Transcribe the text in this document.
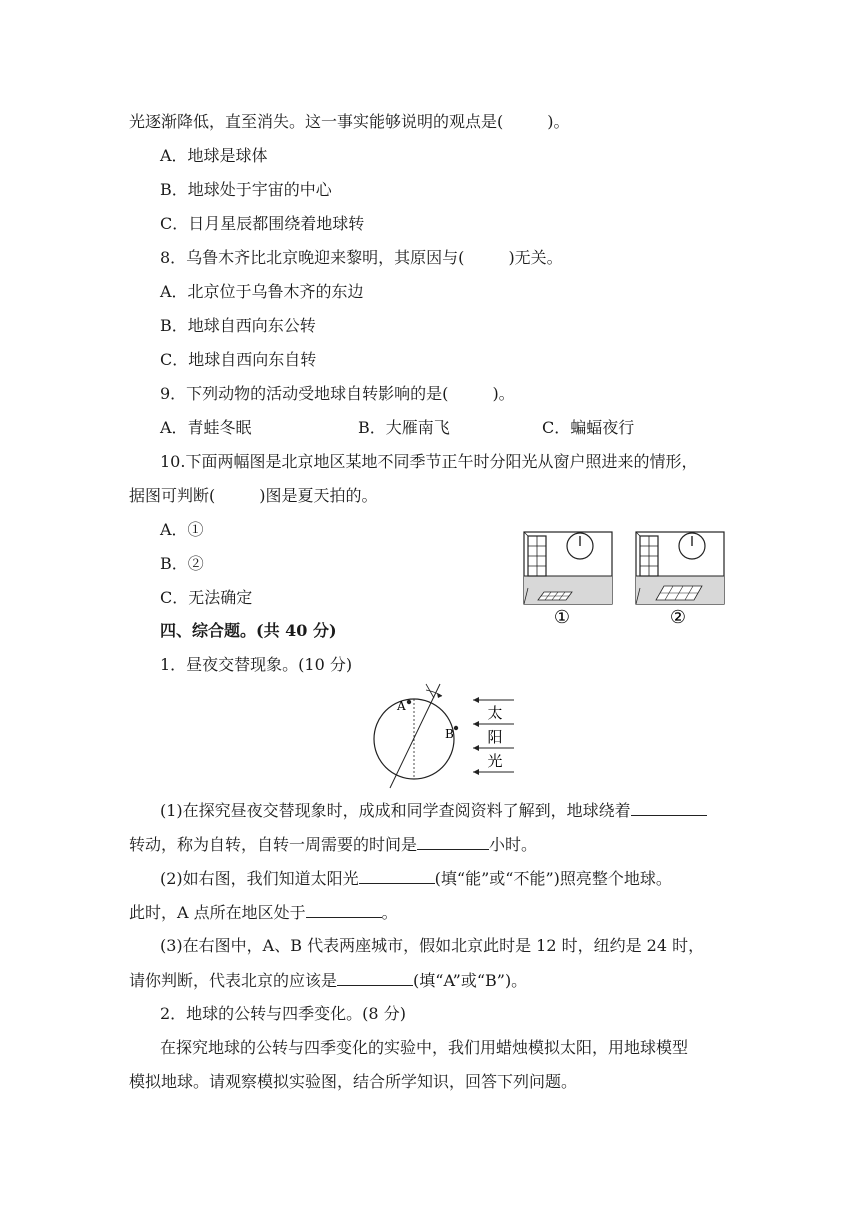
光逐渐降低，直至消失。这一事实能够说明的观点是(	)。
A．地球是球体
B．地球处于宇宙的中心
C．日月星辰都围绕着地球转
8．乌鲁木齐比北京晚迎来黎明，其原因与(	)无关。
A．北京位于乌鲁木齐的东边
B．地球自西向东公转
C．地球自西向东自转
9．下列动物的活动受地球自转影响的是(	)。
A．青蛙冬眠	B．大雁南飞	C．蝙蝠夜行
10.下面两幅图是北京地区某地不同季节正午时分阳光从窗户照进来的情形，
据图可判断(	)图是夏天拍的。
A．①
B．②
C．无法确定
①	②
四、综合题。(共 40 分)
1．昼夜交替现象。(10 分)
A
B
太
阳
光
(1)在探究昼夜交替现象时，成成和同学查阅资料了解到，地球绕着
转动，称为自转，自转一周需要的时间是	小时。
(2)如右图，我们知道太阳光	(填“能”或“不能”)照亮整个地球。
此时，A 点所在地区处于	。
(3)在右图中，A、B 代表两座城市，假如北京此时是 12 时，纽约是 24 时，
请你判断，代表北京的应该是	(填“A”或“B”)。
2．地球的公转与四季变化。(8 分)
在探究地球的公转与四季变化的实验中，我们用蜡烛模拟太阳，用地球模型
模拟地球。请观察模拟实验图，结合所学知识，回答下列问题。
